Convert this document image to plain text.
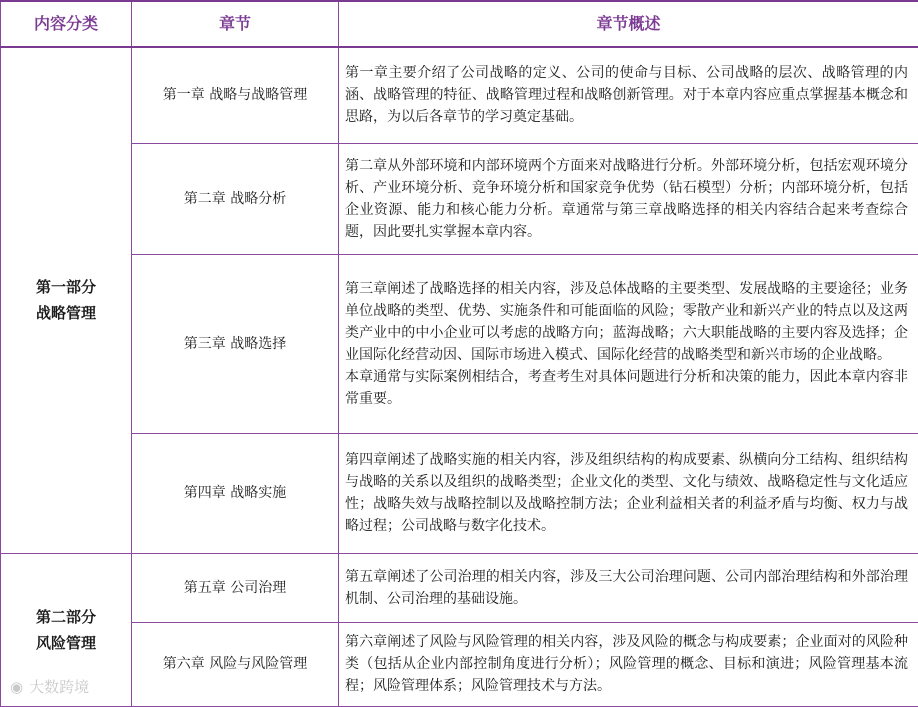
内容分类	章节	章节概述

第一部分
战略管理	第一章 战略与战略管理	第一章主要介绍了公司战略的定义、公司的使命与目标、公司战略的层次、战略管理的内涵、战略管理的特征、战略管理过程和战略创新管理。对于本章内容应重点掌握基本概念和思路，为以后各章节的学习奠定基础。
	第二章 战略分析	第二章从外部环境和内部环境两个方面来对战略进行分析。外部环境分析，包括宏观环境分析、产业环境分析、竞争环境分析和国家竞争优势（钻石模型）分析；内部环境分析，包括企业资源、能力和核心能力分析。章通常与第三章战略选择的相关内容结合起来考查综合题，因此要扎实掌握本章内容。
	第三章 战略选择	第三章阐述了战略选择的相关内容，涉及总体战略的主要类型、发展战略的主要途径；业务单位战略的类型、优势、实施条件和可能面临的风险；零散产业和新兴产业的特点以及这两类产业中的中小企业可以考虑的战略方向；蓝海战略；六大职能战略的主要内容及选择；企业国际化经营动因、国际市场进入模式、国际化经营的战略类型和新兴市场的企业战略。
本章通常与实际案例相结合，考查考生对具体问题进行分析和决策的能力，因此本章内容非常重要。

	第四章 战略实施	第四章阐述了战略实施的相关内容，涉及组织结构的构成要素、纵横向分工结构、组织结构与战略的关系以及组织的战略类型；企业文化的类型、文化与绩效、战略稳定性与文化适应性；战略失效与战略控制以及战略控制方法；企业利益相关者的利益矛盾与均衡、权力与战略过程；公司战略与数字化技术。

第二部分
风险管理	第五章 公司治理	第五章阐述了公司治理的相关内容，涉及三大公司治理问题、公司内部治理结构和外部治理机制、公司治理的基础设施。
	第六章 风险与风险管理	第六章阐述了风险与风险管理的相关内容，涉及风险的概念与构成要素；企业面对的风险种类（包括从企业内部控制角度进行分析）；风险管理的概念、目标和演进；风险管理基本流程；风险管理体系；风险管理技术与方法。
◉ 大数跨境
